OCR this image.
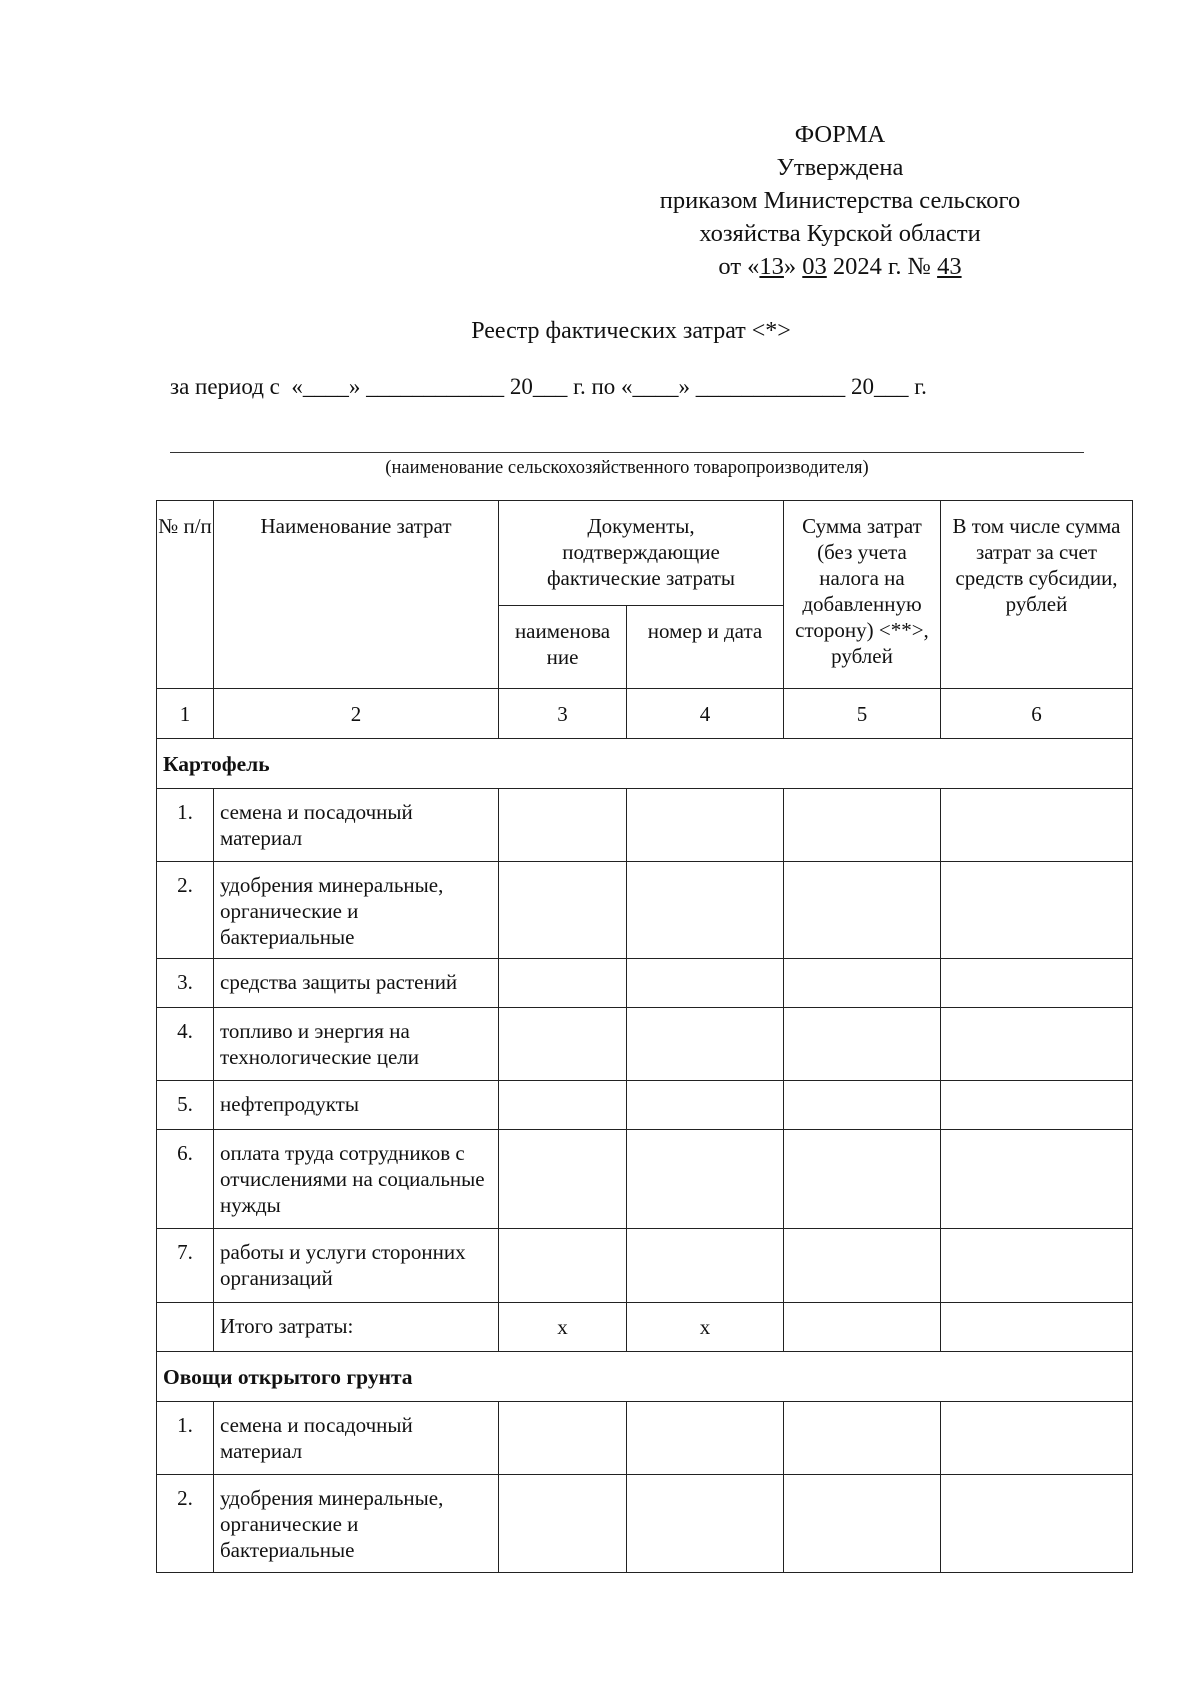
ФОРМА
Утверждена
приказом Министерства сельского
хозяйства Курской области
от «13» 03 2024 г. № 43
Реестр фактических затрат <*>
за период с  «____» ____________ 20___ г. по «____» _____________ 20___ г.
(наименование сельскохозяйственного товаропроизводителя)
№ п/п	Наименование затрат	Документы, подтверждающие фактические затраты		Сумма затрат (без учета налога на добавленную сторону) <**>, рублей	В том числе сумма затрат за счет средств субсидии, рублей
		наименова ние	номер и дата		
1	2	3	4	5	6
Картофель					
1.	семена и посадочный материал				
2.	удобрения минеральные, органические и бактериальные				
3.	средства защиты растений				
4.	топливо и энергия на технологические цели				
5.	нефтепродукты				
6.	оплата труда сотрудников с отчислениями на социальные нужды				
7.	работы и услуги сторонних организаций				
	Итого затраты:	x	x		
Овощи открытого грунта					
1.	семена и посадочный материал				
2.	удобрения минеральные, органические и бактериальные				
